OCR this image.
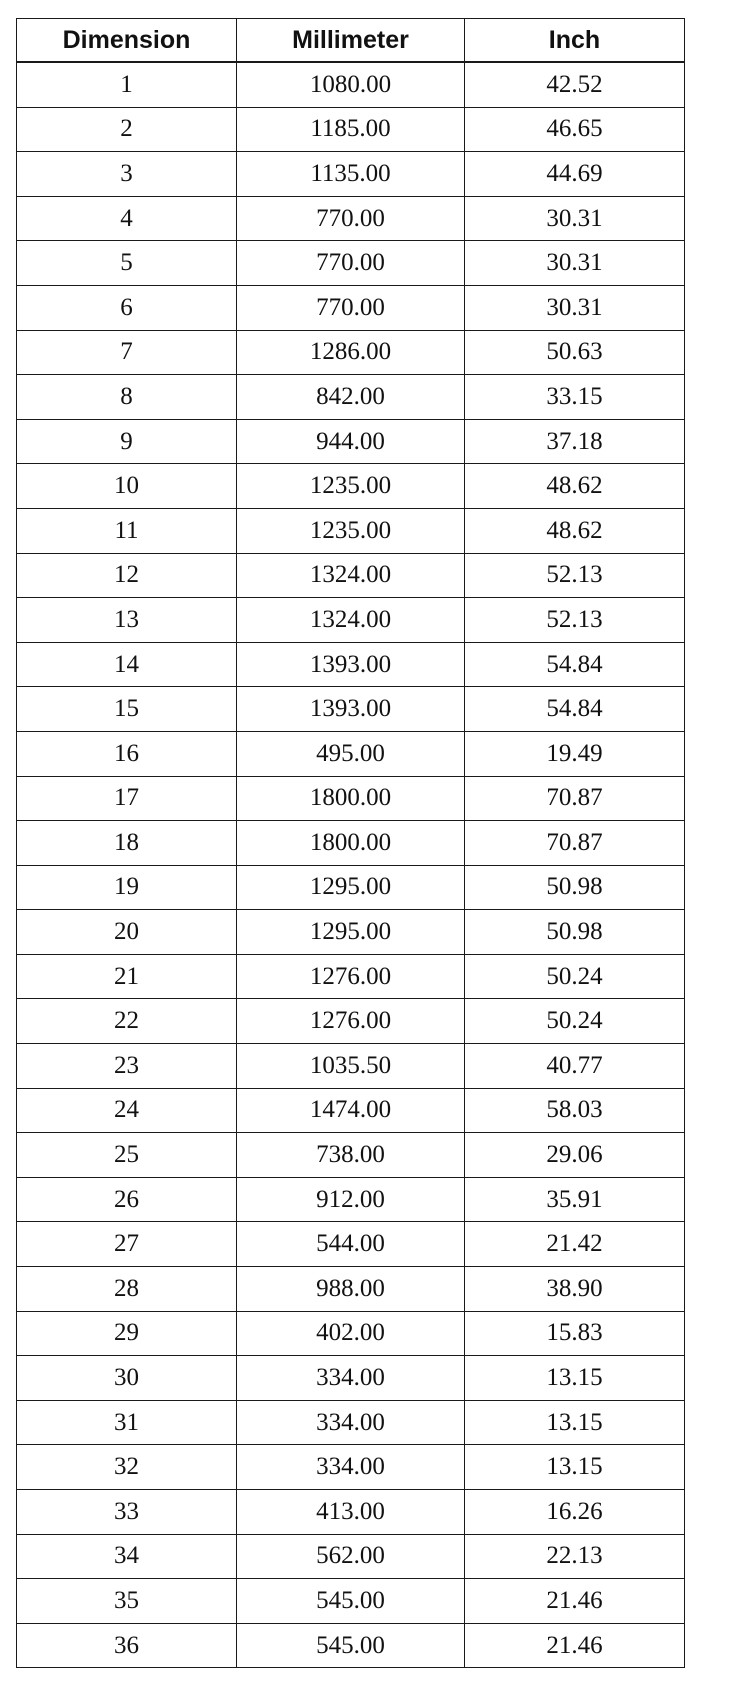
Dimension	Millimeter	Inch
1	1080.00	42.52
2	1185.00	46.65
3	1135.00	44.69
4	770.00	30.31
5	770.00	30.31
6	770.00	30.31
7	1286.00	50.63
8	842.00	33.15
9	944.00	37.18
10	1235.00	48.62
11	1235.00	48.62
12	1324.00	52.13
13	1324.00	52.13
14	1393.00	54.84
15	1393.00	54.84
16	495.00	19.49
17	1800.00	70.87
18	1800.00	70.87
19	1295.00	50.98
20	1295.00	50.98
21	1276.00	50.24
22	1276.00	50.24
23	1035.50	40.77
24	1474.00	58.03
25	738.00	29.06
26	912.00	35.91
27	544.00	21.42
28	988.00	38.90
29	402.00	15.83
30	334.00	13.15
31	334.00	13.15
32	334.00	13.15
33	413.00	16.26
34	562.00	22.13
35	545.00	21.46
36	545.00	21.46
